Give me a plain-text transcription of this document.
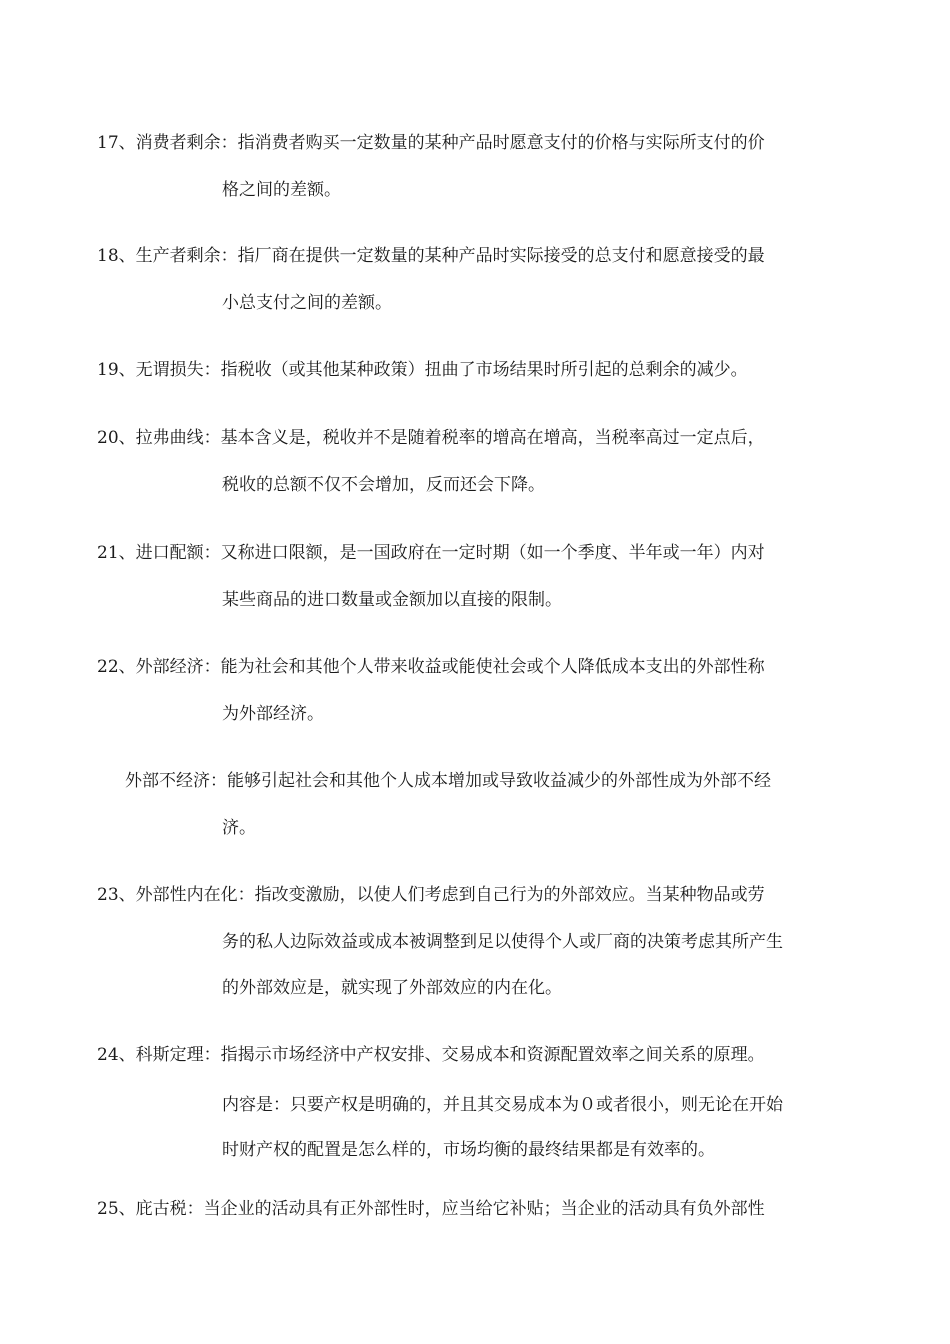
17、消费者剩余：指消费者购买一定数量的某种产品时愿意支付的价格与实际所支付的价
格之间的差额。
18、生产者剩余：指厂商在提供一定数量的某种产品时实际接受的总支付和愿意接受的最
小总支付之间的差额。
19、无谓损失：指税收（或其他某种政策）扭曲了市场结果时所引起的总剩余的减少。
20、拉弗曲线：基本含义是，税收并不是随着税率的增高在增高，当税率高过一定点后，
税收的总额不仅不会增加，反而还会下降。
21、进口配额：又称进口限额，是一国政府在一定时期（如一个季度、半年或一年）内对
某些商品的进口数量或金额加以直接的限制。
22、外部经济：能为社会和其他个人带来收益或能使社会或个人降低成本支出的外部性称
为外部经济。
外部不经济：能够引起社会和其他个人成本增加或导致收益减少的外部性成为外部不经
济。
23、外部性内在化：指改变激励，以使人们考虑到自己行为的外部效应。当某种物品或劳
务的私人边际效益或成本被调整到足以使得个人或厂商的决策考虑其所产生
的外部效应是，就实现了外部效应的内在化。
24、科斯定理：指揭示市场经济中产权安排、交易成本和资源配置效率之间关系的原理。
内容是：只要产权是明确的，并且其交易成本为０或者很小，则无论在开始
时财产权的配置是怎么样的，市场均衡的最终结果都是有效率的。
25、庇古税：当企业的活动具有正外部性时，应当给它补贴；当企业的活动具有负外部性
